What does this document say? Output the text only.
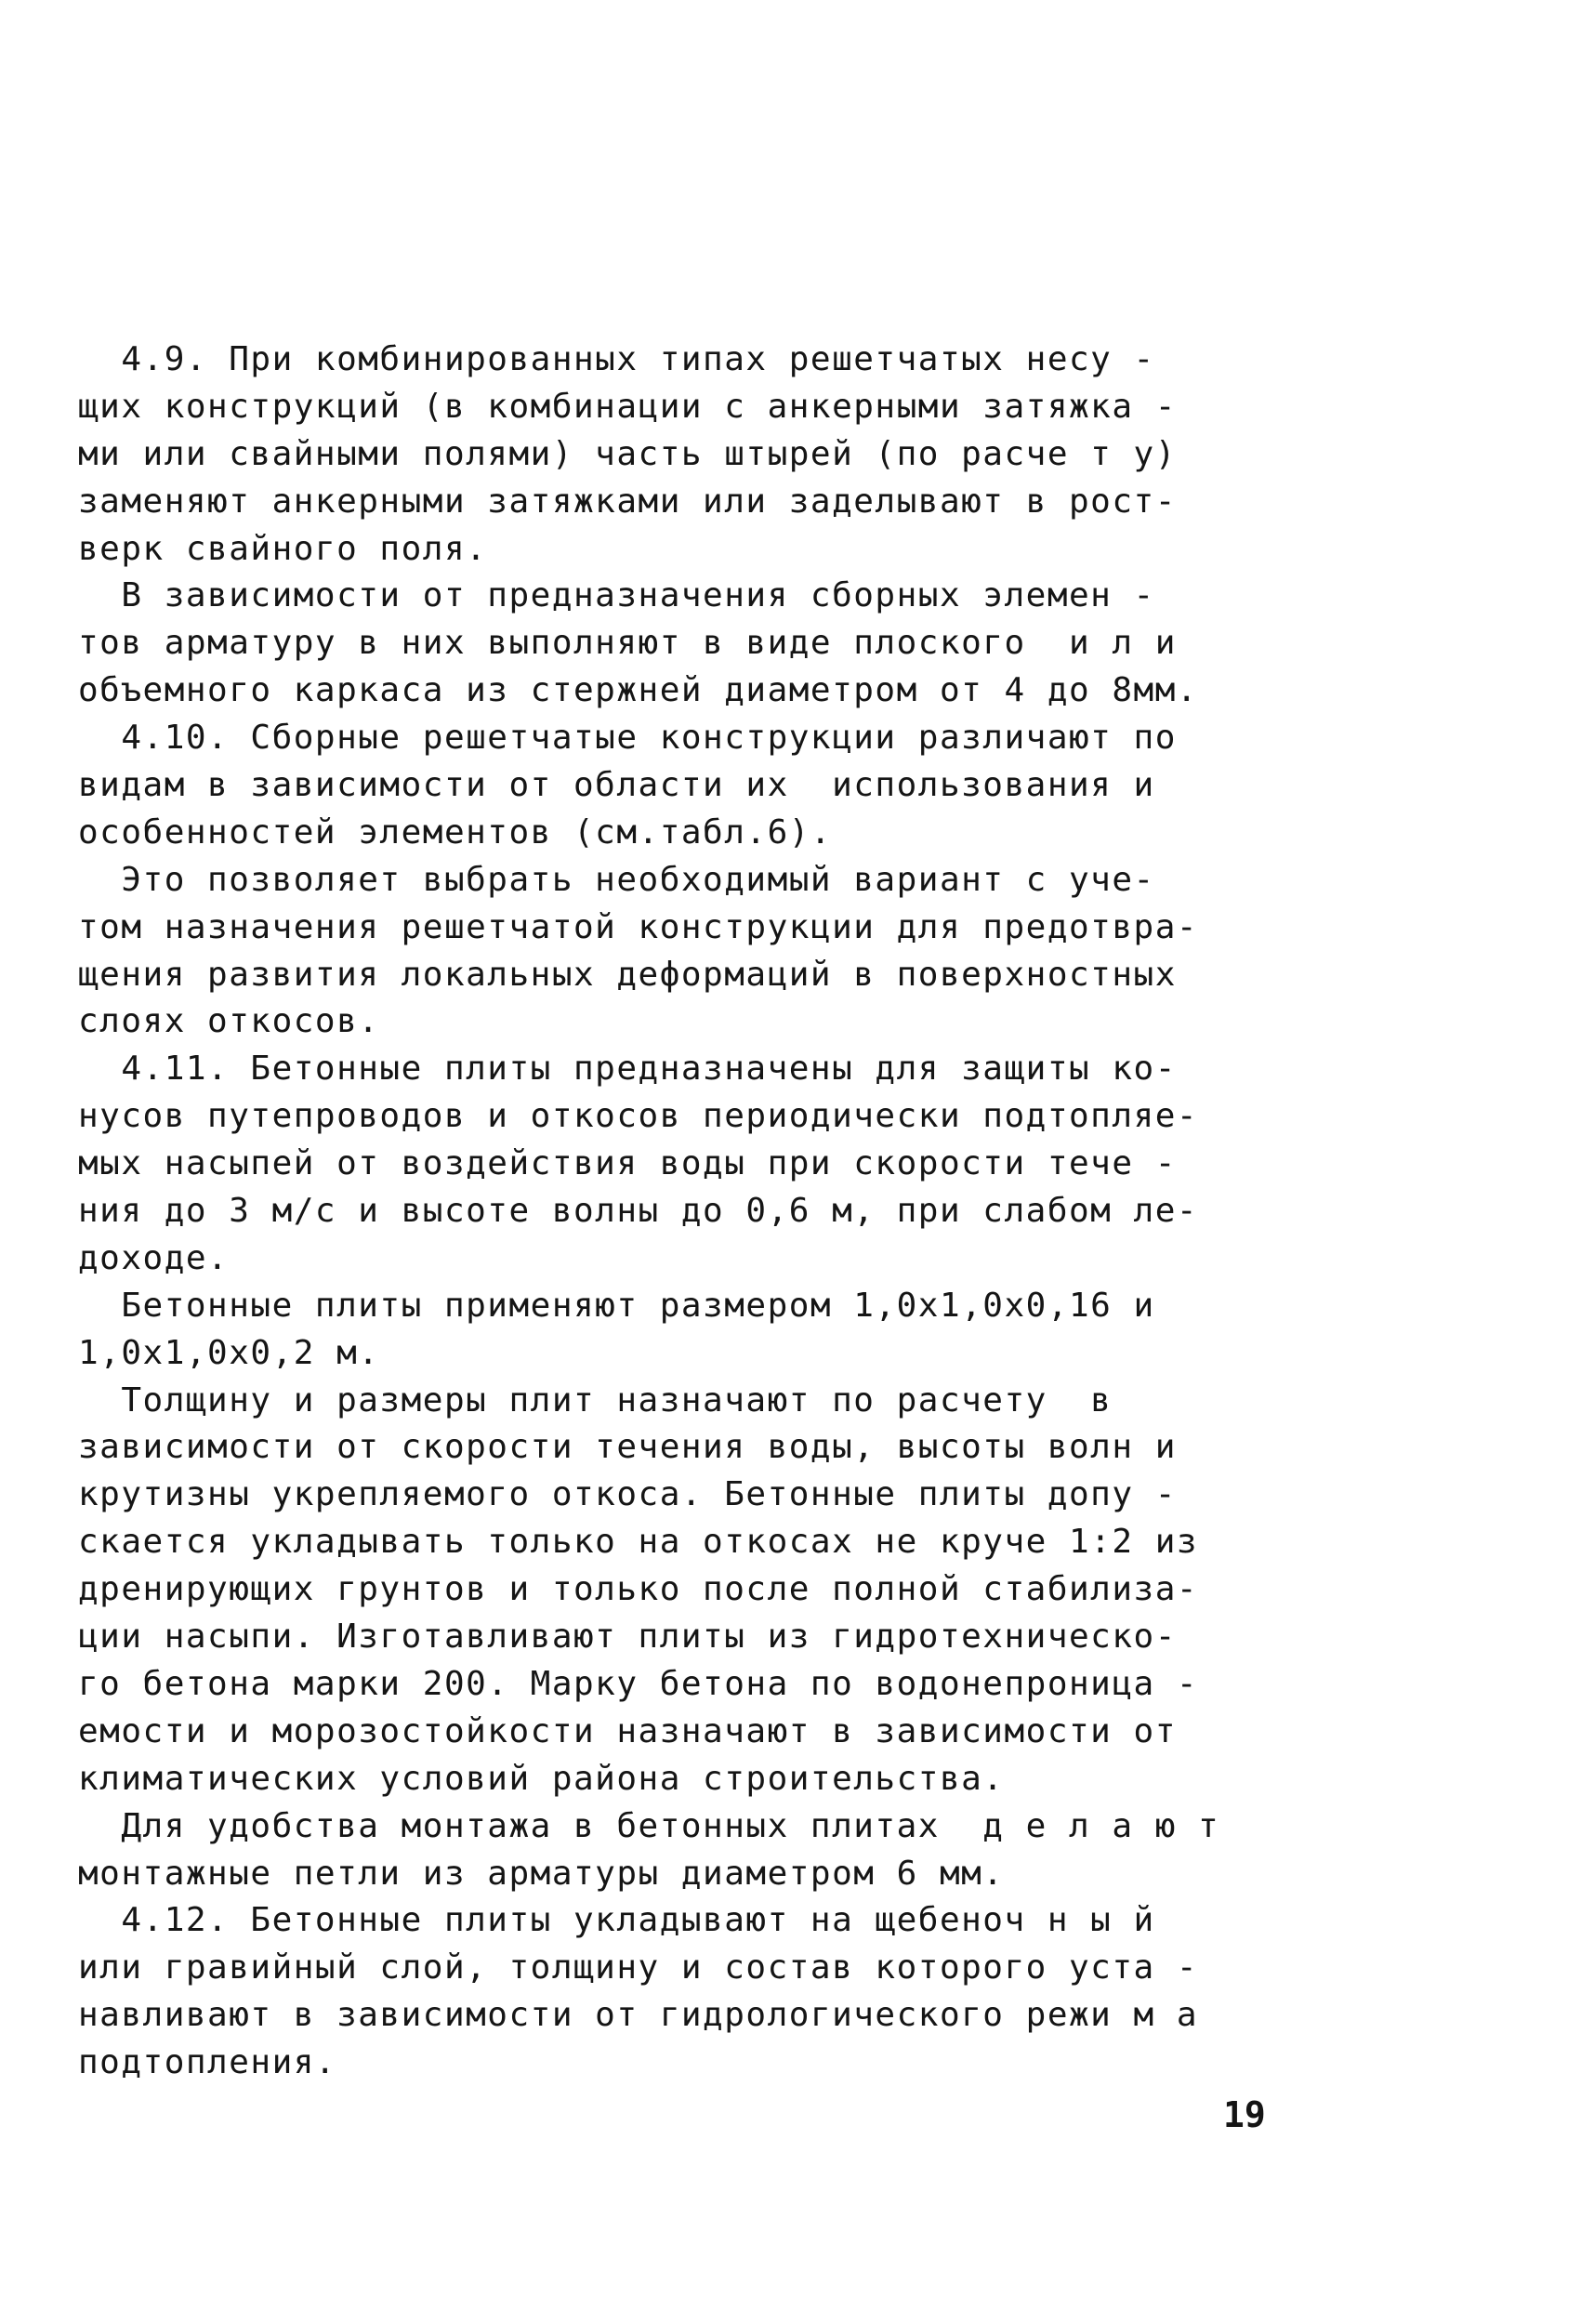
4.9. При комбинированных типах решетчатых несу -
щих конструкций (в комбинации с анкерными затяжка -
ми или свайными полями) часть штырей (по расче т у)
заменяют анкерными затяжками или заделывают в рост-
верк свайного поля.
В зависимости от предназначения сборных элемен -
тов арматуру в них выполняют в виде плоского  и л и
объемного каркаса из стержней диаметром от 4 до 8мм.
4.10. Сборные решетчатые конструкции различают по
видам в зависимости от области их  использования и
особенностей элементов (см.табл.6).
Это позволяет выбрать необходимый вариант с уче-
том назначения решетчатой конструкции для предотвра-
щения развития локальных деформаций в поверхностных
слоях откосов.
4.11. Бетонные плиты предназначены для защиты ко-
нусов путепроводов и откосов периодически подтопляе-
мых насыпей от воздействия воды при скорости тече -
ния до 3 м/с и высоте волны до 0,6 м, при слабом ле-
доходе.
Бетонные плиты применяют размером 1,0х1,0х0,16 и
1,0х1,0х0,2 м.
Толщину и размеры плит назначают по расчету  в
зависимости от скорости течения воды, высоты волн и
крутизны укрепляемого откоса. Бетонные плиты допу -
скается укладывать только на откосах не круче 1:2 из
дренирующих грунтов и только после полной стабилиза-
ции насыпи. Изготавливают плиты из гидротехническо-
го бетона марки 200. Марку бетона по водонепроница -
емости и морозостойкости назначают в зависимости от
климатических условий района строительства.
Для удобства монтажа в бетонных плитах  д е л а ю т
монтажные петли из арматуры диаметром 6 мм.
4.12. Бетонные плиты укладывают на щебеноч н ы й
или гравийный слой, толщину и состав которого уста -
навливают в зависимости от гидрологического режи м а
подтопления.
19
